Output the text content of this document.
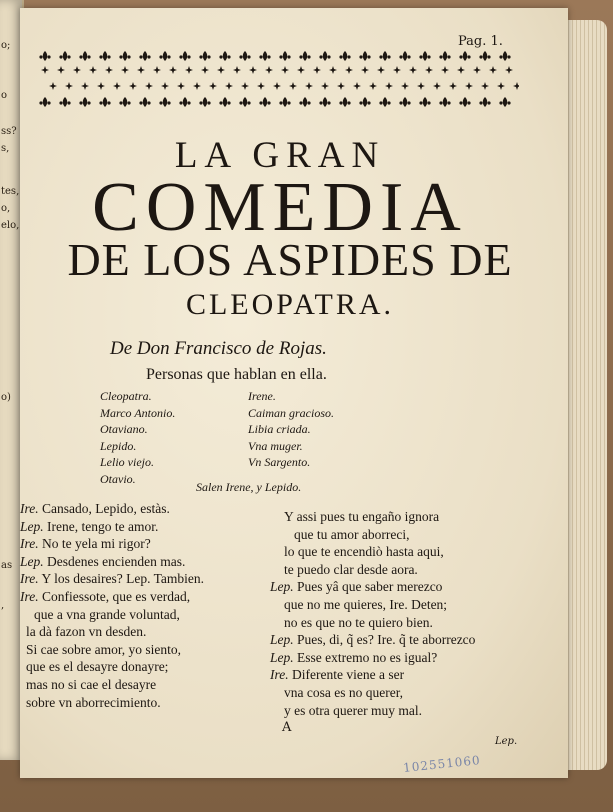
o;
o
ss?
s,
tes,
o,
elo,
o)
as
,
Pag. 1.
LA GRAN
COMEDIA
DE LOS ASPIDES DE
CLEOPATRA.
De Don Francisco de Rojas.
Personas que hablan en ella.
Cleopatra.
Marco Antonio.
Otaviano.
Lepido.
Lelio viejo.
Otavio.
Irene.
Caiman gracioso.
Libia criada.
Vna muger.
Vn Sargento.
Salen Irene, y Lepido.
Ire. Cansado, Lepido, estàs.
Lep. Irene, tengo te amor.
Ire. No te yela mi rigor?
Lep. Desdenes encienden mas.
Ire. Y los desaires? Lep. Tambien.
Ire. Confiessote, que es verdad,
que a vna grande voluntad,
la dà fazon vn desden.
Si cae sobre amor, yo siento,
que es el desayre donayre;
mas no si cae el desayre
sobre vn aborrecimiento.
Y assi pues tu engaño ignora
que tu amor aborreci,
lo que te encendiò hasta aqui,
te puedo clar desde aora.
Lep. Pues yâ que saber merezco
que no me quieres, Ire. Deten;
no es que no te quiero bien.
Lep. Pues, di, q̃ es? Ire. q̃ te aborrezco
Lep. Esse extremo no es igual?
Ire. Diferente viene a ser
vna cosa es no querer,
y es otra querer muy mal.
A
Lep.
102551060
